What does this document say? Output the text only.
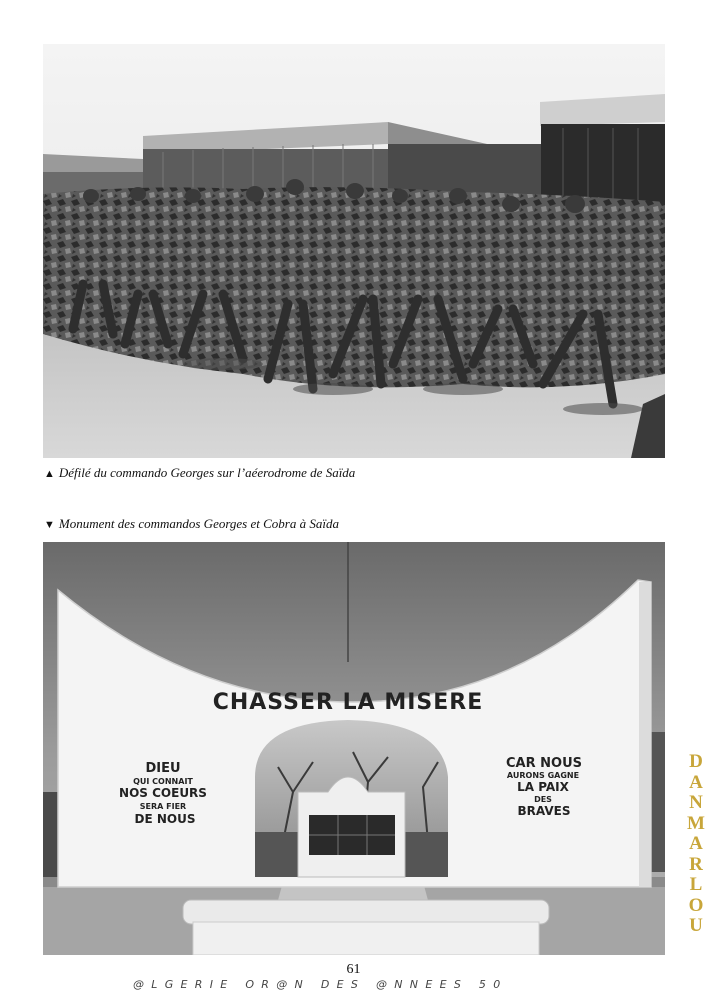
▲ Défilé du commando Georges sur l’aéerodrome de Saïda
▼ Monument des commandos Georges et Cobra à Saïda
CHASSER LA MISERE
DIEU
QUI CONNAIT
NOS COEURS
SERA FIER
DE NOUS
CAR NOUS
AURONS GAGNE
LA PAIX
DES
BRAVES
D
A
N
M
A
R
L
O
U
61
@LGERIE OR@N DES @NNEES 50
